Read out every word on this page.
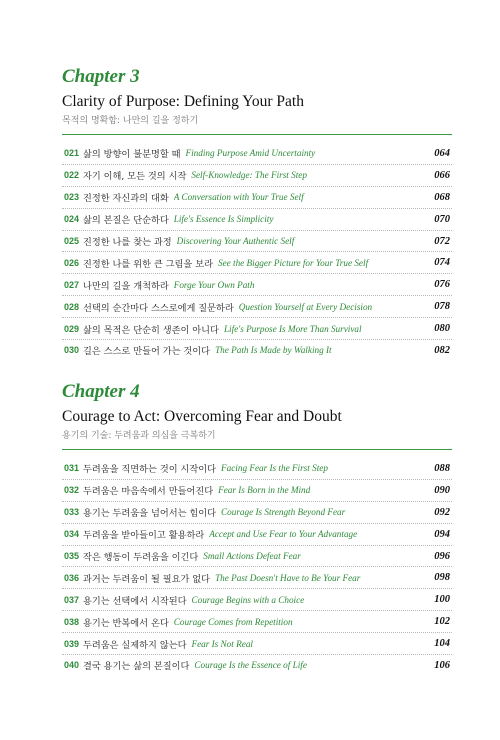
Chapter 3
Clarity of Purpose: Defining Your Path
목적의 명확함: 나만의 길을 정하기
021 삶의 방향이 불분명할 때 Finding Purpose Amid Uncertainty	064
022 자기 이해, 모든 것의 시작 Self-Knowledge: The First Step	066
023 진정한 자신과의 대화 A Conversation with Your True Self	068
024 삶의 본질은 단순하다 Life's Essence Is Simplicity	070
025 진정한 나를 찾는 과정 Discovering Your Authentic Self	072
026 진정한 나를 위한 큰 그림을 보라 See the Bigger Picture for Your True Self	074
027 나만의 길을 개척하라 Forge Your Own Path	076
028 선택의 순간마다 스스로에게 질문하라 Question Yourself at Every Decision	078
029 삶의 목적은 단순히 생존이 아니다 Life's Purpose Is More Than Survival	080
030 길은 스스로 만들어 가는 것이다 The Path Is Made by Walking It	082
Chapter 4
Courage to Act: Overcoming Fear and Doubt
용기의 기술: 두려움과 의심을 극복하기
031 두려움을 직면하는 것이 시작이다 Facing Fear Is the First Step	088
032 두려움은 마음속에서 만들어진다 Fear Is Born in the Mind	090
033 용기는 두려움을 넘어서는 힘이다 Courage Is Strength Beyond Fear	092
034 두려움을 받아들이고 활용하라 Accept and Use Fear to Your Advantage	094
035 작은 행동이 두려움을 이긴다 Small Actions Defeat Fear	096
036 과거는 두려움이 될 필요가 없다 The Past Doesn't Have to Be Your Fear	098
037 용기는 선택에서 시작된다 Courage Begins with a Choice	100
038 용기는 반복에서 온다 Courage Comes from Repetition	102
039 두려움은 실제하지 않는다 Fear Is Not Real	104
040 결국 용기는 삶의 본질이다 Courage Is the Essence of Life	106
